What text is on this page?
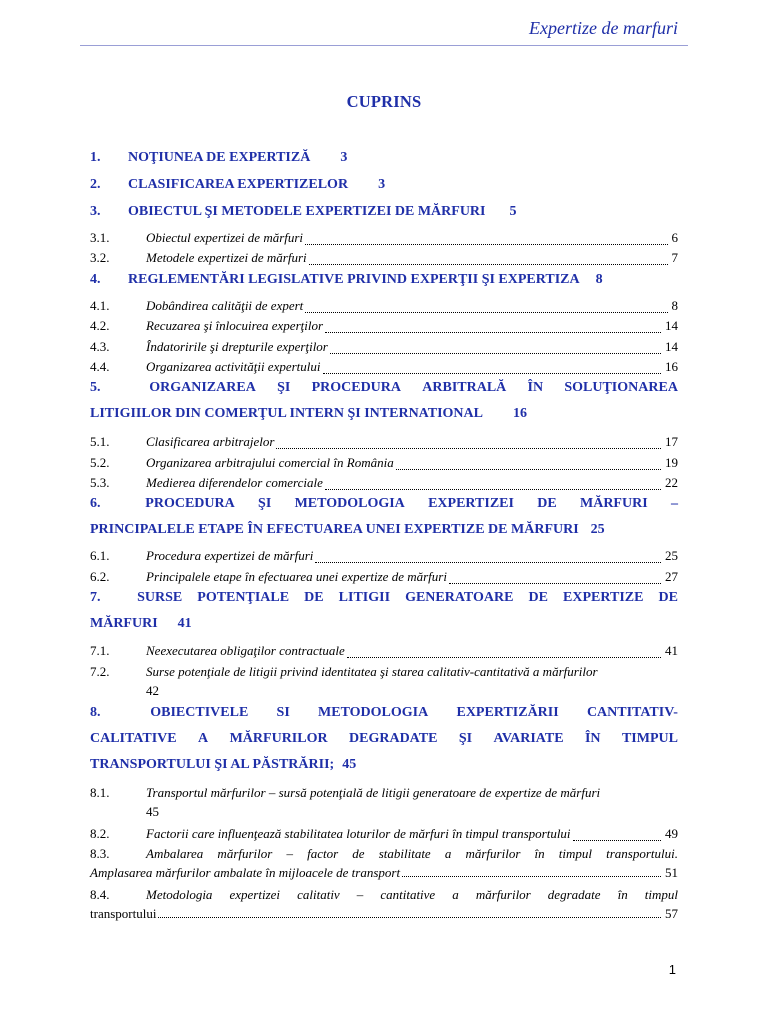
Expertize de marfuri
CUPRINS
1. NOŢIUNEA DE EXPERTIZĂ 3
2. CLASIFICAREA EXPERTIZELOR 3
3. OBIECTUL ŞI METODELE EXPERTIZEI DE MĂRFURI 5
3.1.	Obiectul expertizei de mărfuri	6
3.2.	Metodele expertizei de mărfuri	7
4. REGLEMENTĂRI LEGISLATIVE PRIVIND EXPERŢII ŞI EXPERTIZA 8
4.1.	Dobândirea calităţii de expert	8
4.2.	Recuzarea şi înlocuirea experţilor	14
4.3.	Îndatoririle şi drepturile experţilor	14
4.4.	Organizarea activităţii expertului	16
5.	ORGANIZAREA ŞI PROCEDURA ARBITRALĂ ÎN SOLUŢIONAREA
LITIGIILOR DIN COMERŢUL INTERN ŞI INTERNATIONAL 16
5.1.	Clasificarea arbitrajelor	17
5.2.	Organizarea arbitrajului comercial în România	19
5.3.	Medierea diferendelor comerciale	22
6.	PROCEDURA ŞI METODOLOGIA EXPERTIZEI DE MĂRFURI –
PRINCIPALELE ETAPE ÎN EFECTUAREA UNEI EXPERTIZE DE MĂRFURI 25
6.1.	Procedura expertizei de mărfuri	25
6.2.	Principalele etape în efectuarea unei expertize de mărfuri	27
7.	SURSE POTENŢIALE DE LITIGII GENERATOARE DE EXPERTIZE DE
MĂRFURI 41
7.1.	Neexecutarea obligaţilor contractuale	41
7.2.	Surse potenţiale de litigii privind identitatea şi starea calitativ-cantitativă a mărfurilor
42
8.	OBIECTIVELE SI METODOLOGIA EXPERTIZĂRII CANTITATIV-
CALITATIVE A MĂRFURILOR DEGRADATE ŞI AVARIATE ÎN TIMPUL
TRANSPORTULUI ŞI AL PĂSTRĂRII; 45
8.1.	Transportul mărfurilor – sursă potenţială de litigii generatoare de expertize de mărfuri
45
8.2.	Factorii care influenţează stabilitatea loturilor de mărfuri în timpul transportului	49
8.3.	Ambalarea mărfurilor – factor de stabilitate a mărfurilor în timpul transportului.
Amplasarea mărfurilor ambalate în mijloacele de transport	51
8.4.	Metodologia expertizei calitativ – cantitative a mărfurilor degradate în timpul
transportului	57
1
